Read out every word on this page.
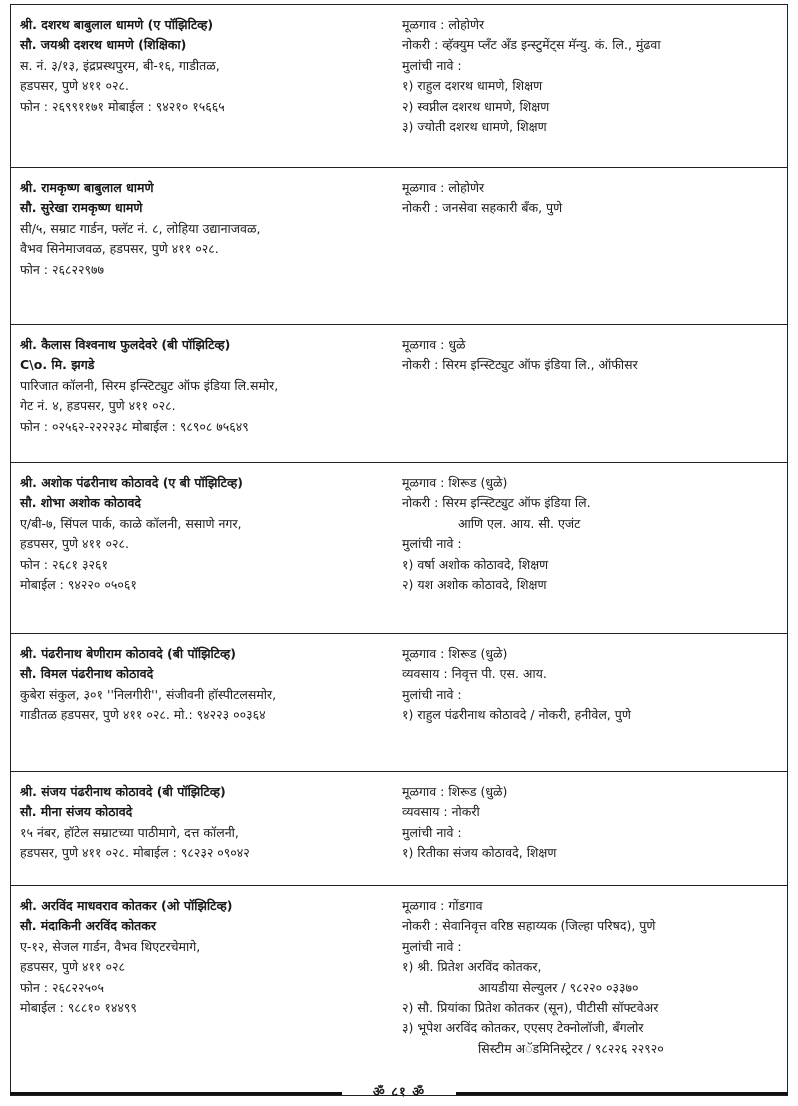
श्री. दशरथ बाबुलाल धामणे (ए पॉझिटिव्ह)
सौ. जयश्री दशरथ धामणे (शिक्षिका)
स. नं. ३/१३, इंद्रप्रस्थपुरम, बी-१६, गाडीतळ,
हडपसर, पुणे ४११ ०२८.
फोन : २६९९११७१ मोबाईल : ९४२१० १५६६५
मूळगाव : लोहोणेर
नोकरी : व्हॅक्युम प्लँट अँड इन्स्टुमेंट्स मॅन्यु. कं. लि., मुंढवा
मुलांची नावे :
१) राहुल दशरथ धामणे, शिक्षण
२) स्वप्नील दशरथ धामणे, शिक्षण
३) ज्योती दशरथ धामणे, शिक्षण
श्री. रामकृष्ण बाबुलाल धामणे
सौ. सुरेखा रामकृष्ण धामणे
सी/५, सम्राट गार्डन, फ्लॅट नं. ८, लोहिया उद्यानाजवळ,
वैभव सिनेमाजवळ, हडपसर, पुणे ४११ ०२८.
फोन : २६८२२९७७
मूळगाव : लोहोणेर
नोकरी : जनसेवा सहकारी बँक, पुणे
श्री. कैलास विश्वनाथ फुलदेवरे (बी पॉझिटिव्ह)
C\o. मि. झगडे
पारिजात कॉलनी, सिरम इन्स्टिट्युट ऑफ इंडिया लि.समोर,
गेट नं. ४, हडपसर, पुणे ४११ ०२८.
फोन : ०२५६२-२२२२३८ मोबाईल : ९८९०८ ७५६४९
मूळगाव : धुळे
नोकरी : सिरम इन्स्टिट्युट ऑफ इंडिया लि., ऑफीसर
श्री. अशोक पंढरीनाथ कोठावदे (ए बी पॉझिटिव्ह)
सौ. शोभा अशोक कोठावदे
ए/बी-७, सिंपल पार्क, काळे कॉलनी, ससाणे नगर,
हडपसर, पुणे ४११ ०२८.
फोन : २६८१ ३२६१
मोबाईल : ९४२२० ०५०६१
मूळगाव : शिरूड (धुळे)
नोकरी : सिरम इन्स्टिट्युट ऑफ इंडिया लि.
आणि एल. आय. सी. एजंट
मुलांची नावे :
१) वर्षा अशोक कोठावदे, शिक्षण
२) यश अशोक कोठावदे, शिक्षण
श्री. पंढरीनाथ बेणीराम कोठावदे (बी पॉझिटिव्ह)
सौ. विमल पंढरीनाथ कोठावदे
कुबेरा संकुल, ३०१ ''निलगीरी'', संजीवनी हॉस्पीटलसमोर,
गाडीतळ हडपसर, पुणे ४११ ०२८. मो.: ९४२२३ ००३६४
मूळगाव : शिरूड (धुळे)
व्यवसाय : निवृत्त पी. एस. आय.
मुलांची नावे :
१) राहुल पंढरीनाथ कोठावदे / नोकरी, हनीवेल, पुणे
श्री. संजय पंढरीनाथ कोठावदे (बी पॉझिटिव्ह)
सौ. मीना संजय कोठावदे
१५ नंबर, हॉटेल सम्राटच्या पाठीमागे, दत्त कॉलनी,
हडपसर, पुणे ४११ ०२८. मोबाईल : ९८२३२ ०९०४२
मूळगाव : शिरूड (धुळे)
व्यवसाय : नोकरी
मुलांची नावे :
१) रितीका संजय कोठावदे, शिक्षण
श्री. अरविंद माधवराव कोतकर (ओ पॉझिटिव्ह)
सौ. मंदाकिनी अरविंद कोतकर
ए-१२, सेजल गार्डन, वैभव थिएटरचेमागे,
हडपसर, पुणे ४११ ०२८
फोन : २६८२२५०५
मोबाईल : ९८८१० १४४९९
मूळगाव : गोंडगाव
नोकरी : सेवानिवृत्त वरिष्ठ सहाय्यक (जिल्हा परिषद), पुणे
मुलांची नावे :
१) श्री. प्रितेश अरविंद कोतकर,
आयडीया सेल्युलर / ९८२२० ०३३७०
२) सौ. प्रियांका प्रितेश कोतकर (सून), पीटीसी सॉफ्टवेअर
३) भूपेश अरविंद कोतकर, एएसए टेक्नोलॉजी, बँगलोर
सिस्टीम अॅडमिनिस्ट्रेटर / ९८२२६ २२९२०
ॐ ८१ ॐ
